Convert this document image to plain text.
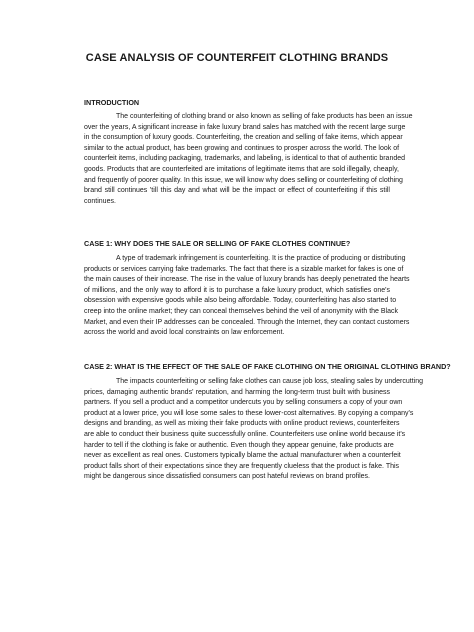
CASE ANALYSIS OF COUNTERFEIT CLOTHING BRANDS
INTRODUCTION
The counterfeiting of clothing brand or also known as selling of fake products has been an issue
over the years, A significant increase in fake luxury brand sales has matched with the recent large surge
in the consumption of luxury goods. Counterfeiting, the creation and selling of fake items, which appear
similar to the actual product, has been growing and continues to prosper across the world. The look of
counterfeit items, including packaging, trademarks, and labeling, is identical to that of authentic branded
goods. Products that are counterfeited are imitations of legitimate items that are sold illegally, cheaply,
and frequently of poorer quality. In this issue, we will know why does selling or counterfeiting of clothing
brand still continues 'till this day and what will be the impact or effect of counterfeiting if this still
continues.
CASE 1: WHY DOES THE SALE OR SELLING OF FAKE CLOTHES CONTINUE?
A type of trademark infringement is counterfeiting. It is the practice of producing or distributing
products or services carrying fake trademarks. The fact that there is a sizable market for fakes is one of
the main causes of their increase. The rise in the value of luxury brands has deeply penetrated the hearts
of millions, and the only way to afford it is to purchase a fake luxury product, which satisfies one's
obsession with expensive goods while also being affordable. Today, counterfeiting has also started to
creep into the online market; they can conceal themselves behind the veil of anonymity with the Black
Market, and even their IP addresses can be concealed. Through the Internet, they can contact customers
across the world and avoid local constraints on law enforcement.
CASE 2: WHAT IS THE EFFECT OF THE SALE OF FAKE CLOTHING ON THE ORIGINAL CLOTHING BRAND?
The impacts counterfeiting or selling fake clothes can cause job loss, stealing sales by undercutting
prices, damaging authentic brands' reputation, and harming the long-term trust built with business
partners. If you sell a product and a competitor undercuts you by selling consumers a copy of your own
product at a lower price, you will lose some sales to these lower-cost alternatives. By copying a company's
designs and branding, as well as mixing their fake products with online product reviews, counterfeiters
are able to conduct their business quite successfully online. Counterfeiters use online world because it's
harder to tell if the clothing is fake or authentic. Even though they appear genuine, fake products are
never as excellent as real ones. Customers typically blame the actual manufacturer when a counterfeit
product falls short of their expectations since they are frequently clueless that the product is fake. This
might be dangerous since dissatisfied consumers can post hateful reviews on brand profiles.
